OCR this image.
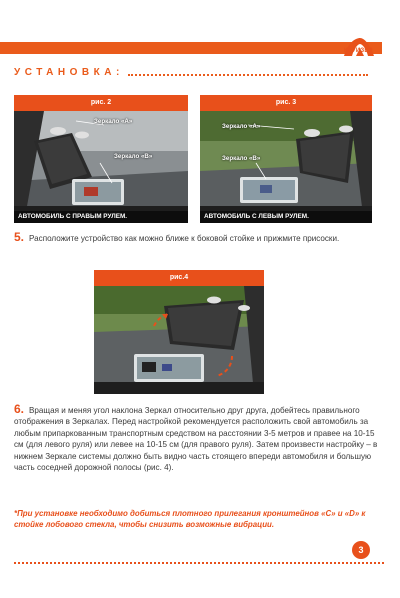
КРУИЗЕР
УСТАНОВКА:
рис. 2
Зеркало «А»
Зеркало «В»
АВТОМОБИЛЬ С ПРАВЫМ РУЛЕМ.
рис. 3
Зеркало «А»
Зеркало «В»
АВТОМОБИЛЬ С ЛЕВЫМ РУЛЕМ.
5. Расположите устройство как можно ближе к боковой стойке и прижмите присоски.
рис.4
6. Вращая и меняя угол наклона Зеркал относительно друг друга, добейтесь правильного отображения в Зеркалах. Перед настройкой рекомендуется расположить свой автомобиль за любым припаркованным транспортным средством на расстоянии 3-5 метров и правее на 10-15 см (для левого руля) или левее на 10-15 см (для правого руля). Затем произвести настройку – в нижнем Зеркале системы должно быть видно часть стоящего впереди автомобиля и большую часть соседней дорожной полосы (рис. 4).
*При установке необходимо добиться плотного прилегания кронштейнов «С» и «D» к стойке лобового стекла, чтобы снизить возможные вибрации.
3
